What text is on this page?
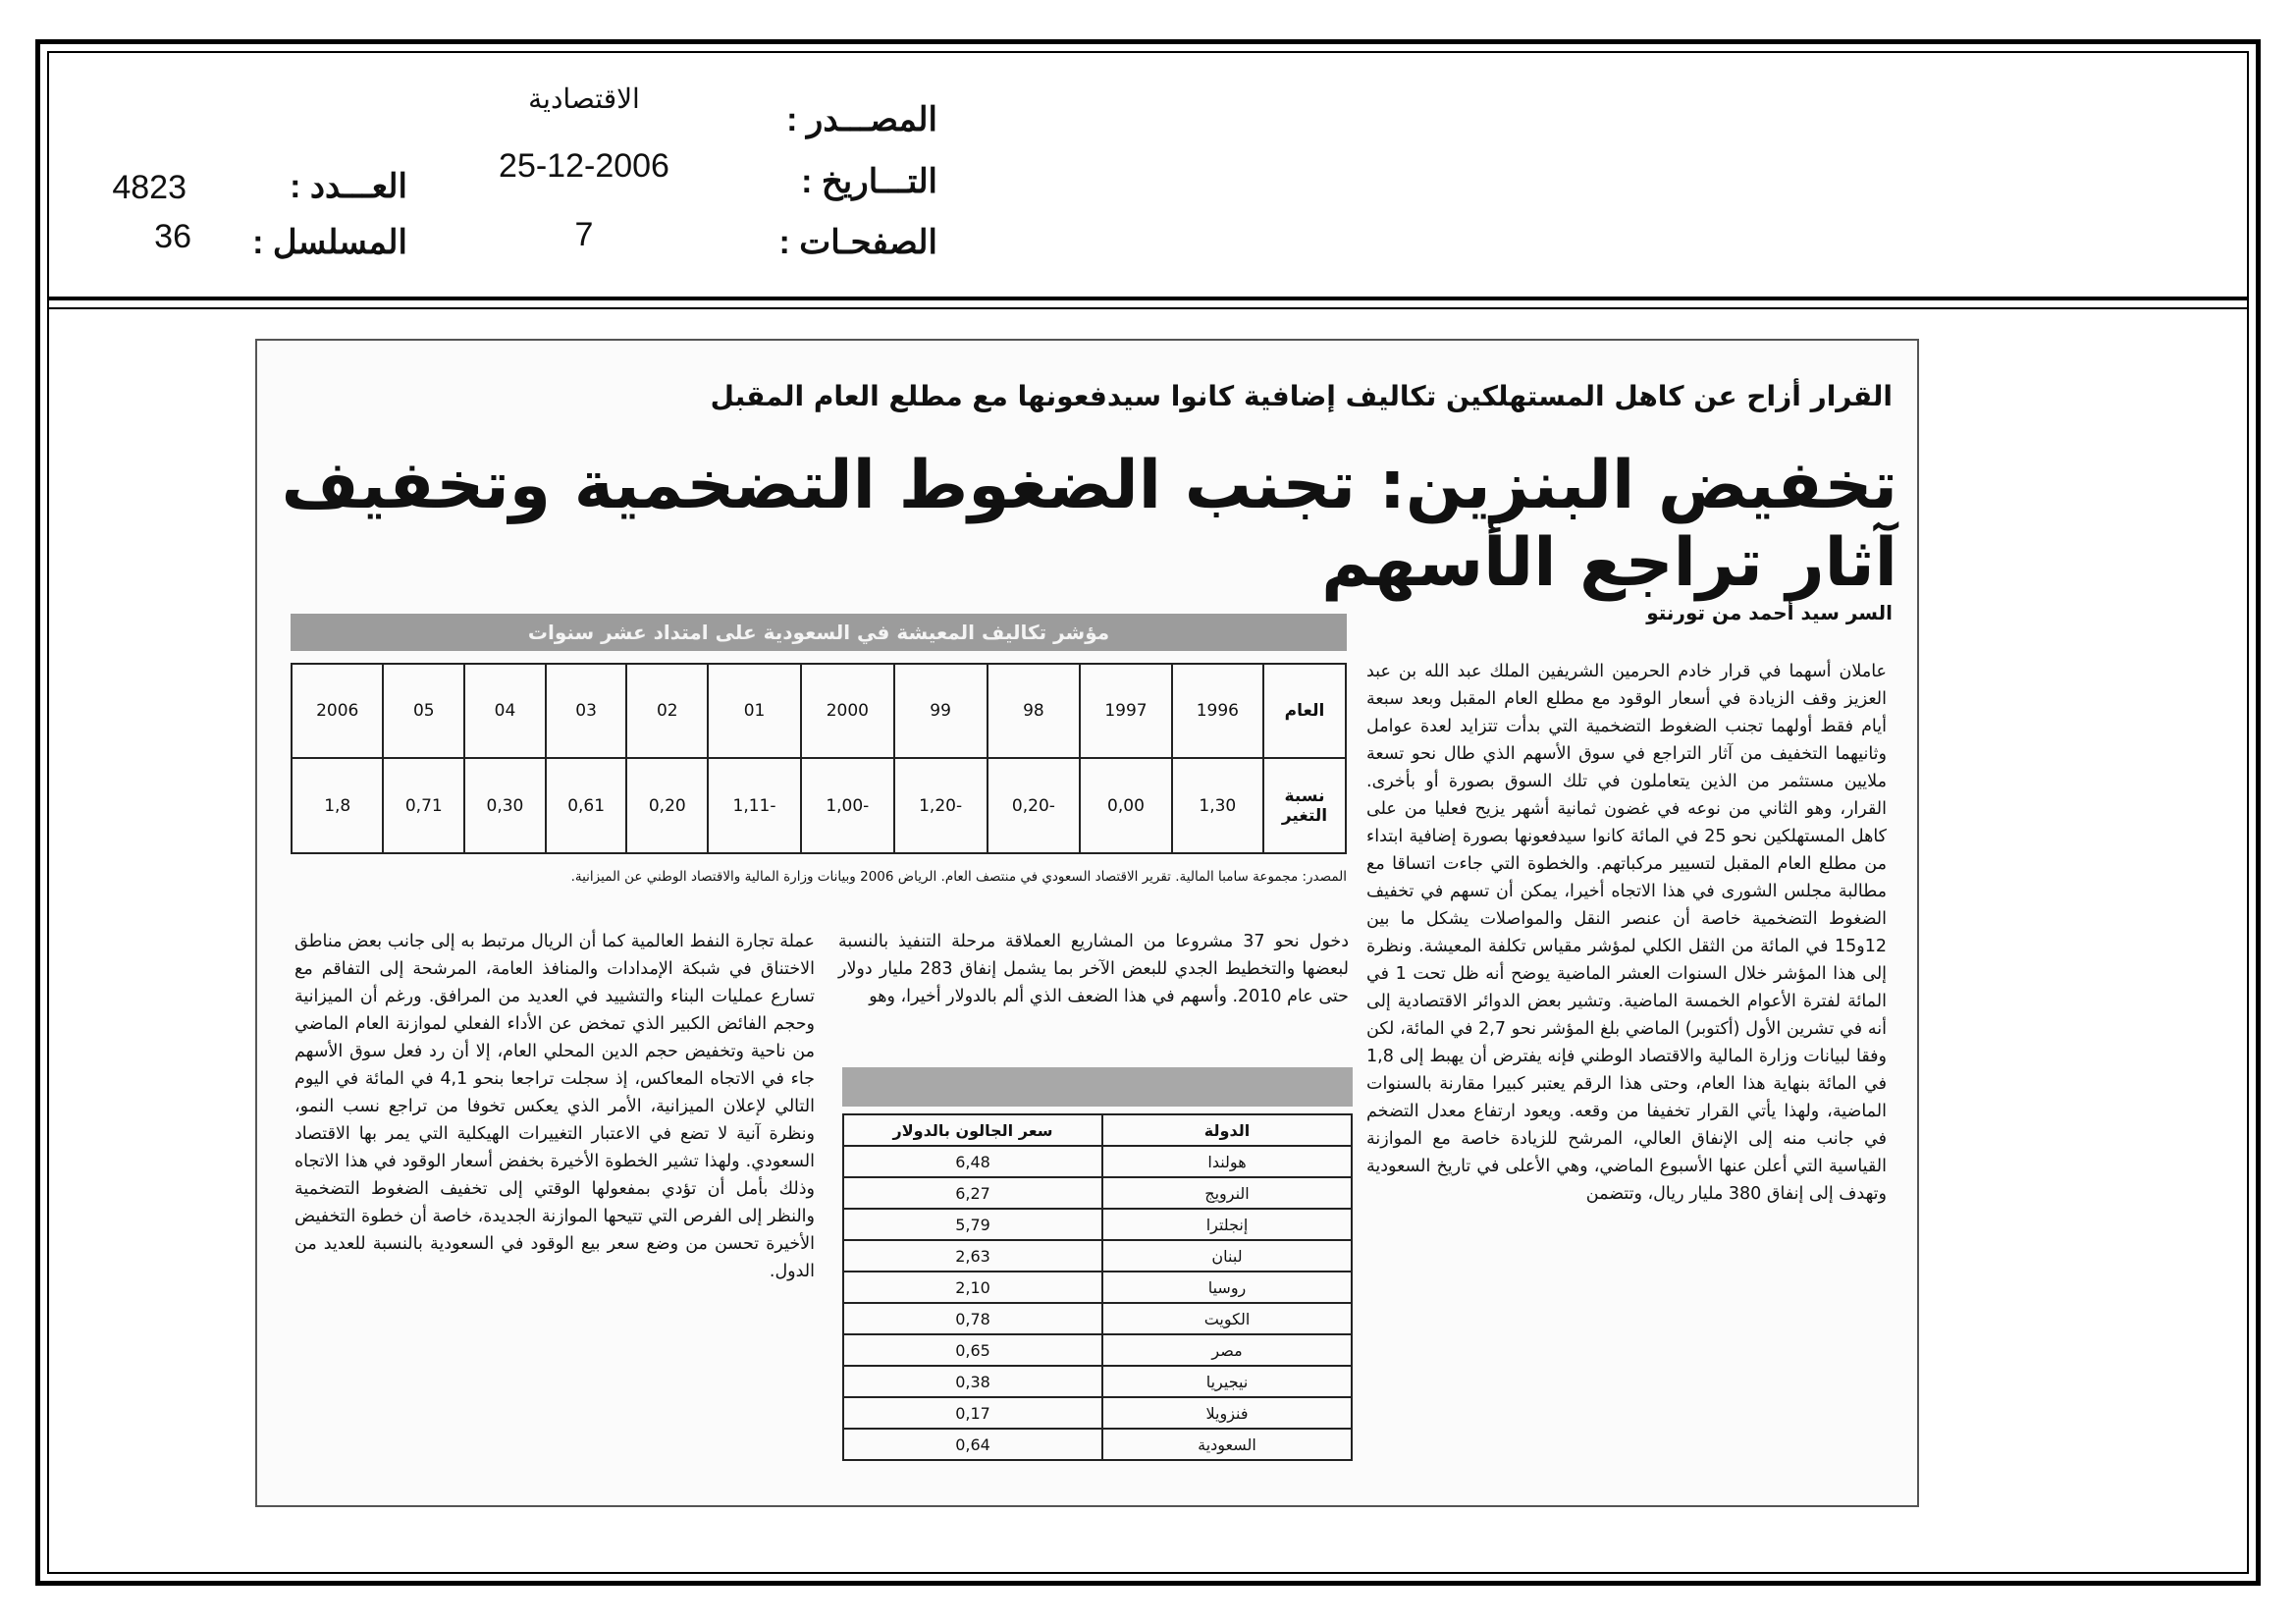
المصـــدر :
التـــاريخ :
الصفحـات :
الاقتصادية
25-12-2006
7
العـــدد :
المسلسل :
4823
36
القرار أزاح عن كاهل المستهلكين تكاليف إضافية كانوا سيدفعونها مع مطلع العام المقبل
تخفيض البنزين: تجنب الضغوط التضخمية وتخفيف آثار تراجع الأسهم
السر سيد أحمد من تورنتو
مؤشر تكاليف المعيشة في السعودية على امتداد عشر سنوات
العام	1996	1997	98	99	2000	01	02	03	04	05	2006
نسبة التغير	1,30	0,00	-0,20	-1,20	-1,00	-1,11	0,20	0,61	0,30	0,71	1,8
المصدر: مجموعة سامبا المالية. تقرير الاقتصاد السعودي في منتصف العام. الرياض 2006 وبيانات وزارة المالية والاقتصاد الوطني عن الميزانية.
عاملان أسهما في قرار خادم الحرمين الشريفين الملك عبد الله بن عبد العزيز وقف الزيادة في أسعار الوقود مع مطلع العام المقبل وبعد سبعة أيام فقط أولهما تجنب الضغوط التضخمية التي بدأت تتزايد لعدة عوامل وثانيهما التخفيف من آثار التراجع في سوق الأسهم الذي طال نحو تسعة ملايين مستثمر من الذين يتعاملون في تلك السوق بصورة أو بأخرى. القرار، وهو الثاني من نوعه في غضون ثمانية أشهر يزيح فعليا من على كاهل المستهلكين نحو 25 في المائة كانوا سيدفعونها بصورة إضافية ابتداء من مطلع العام المقبل لتسيير مركباتهم. والخطوة التي جاءت اتساقا مع مطالبة مجلس الشورى في هذا الاتجاه أخيرا، يمكن أن تسهم في تخفيف الضغوط التضخمية خاصة أن عنصر النقل والمواصلات يشكل ما بين 12و15 في المائة من الثقل الكلي لمؤشر مقياس تكلفة المعيشة. ونظرة إلى هذا المؤشر خلال السنوات العشر الماضية يوضح أنه ظل تحت 1 في المائة لفترة الأعوام الخمسة الماضية. وتشير بعض الدوائر الاقتصادية إلى أنه في تشرين الأول (أكتوبر) الماضي بلغ المؤشر نحو 2,7 في المائة، لكن وفقا لبيانات وزارة المالية والاقتصاد الوطني فإنه يفترض أن يهبط إلى 1,8 في المائة بنهاية هذا العام، وحتى هذا الرقم يعتبر كبيرا مقارنة بالسنوات الماضية، ولهذا يأتي القرار تخفيفا من وقعه. ويعود ارتفاع معدل التضخم في جانب منه إلى الإنفاق العالي، المرشح للزيادة خاصة مع الموازنة القياسية التي أعلن عنها الأسبوع الماضي، وهي الأعلى في تاريخ السعودية وتهدف إلى إنفاق 380 مليار ريال، وتتضمن
دخول نحو 37 مشروعا من المشاريع العملاقة مرحلة التنفيذ بالنسبة لبعضها والتخطيط الجدي للبعض الآخر بما يشمل إنفاق 283 مليار دولار حتى عام 2010. وأسهم في هذا الضعف الذي ألم بالدولار أخيرا، وهو
عملة تجارة النفط العالمية كما أن الريال مرتبط به إلى جانب بعض مناطق الاختناق في شبكة الإمدادات والمنافذ العامة، المرشحة إلى التفاقم مع تسارع عمليات البناء والتشييد في العديد من المرافق. ورغم أن الميزانية وحجم الفائض الكبير الذي تمخض عن الأداء الفعلي لموازنة العام الماضي من ناحية وتخفيض حجم الدين المحلي العام، إلا أن رد فعل سوق الأسهم جاء في الاتجاه المعاكس، إذ سجلت تراجعا بنحو 4,1 في المائة في اليوم التالي لإعلان الميزانية، الأمر الذي يعكس تخوفا من تراجع نسب النمو، ونظرة آنية لا تضع في الاعتبار التغييرات الهيكلية التي يمر بها الاقتصاد السعودي. ولهذا تشير الخطوة الأخيرة بخفض أسعار الوقود في هذا الاتجاه وذلك بأمل أن تؤدي بمفعولها الوقتي إلى تخفيف الضغوط التضخمية والنظر إلى الفرص التي تتيحها الموازنة الجديدة، خاصة أن خطوة التخفيض الأخيرة تحسن من وضع سعر بيع الوقود في السعودية بالنسبة للعديد من الدول.
الدولة	سعر الجالون بالدولار
هولندا	6,48
النرويج	6,27
إنجلترا	5,79
لبنان	2,63
روسيا	2,10
الكويت	0,78
مصر	0,65
نيجيريا	0,38
فنزويلا	0,17
السعودية	0,64
